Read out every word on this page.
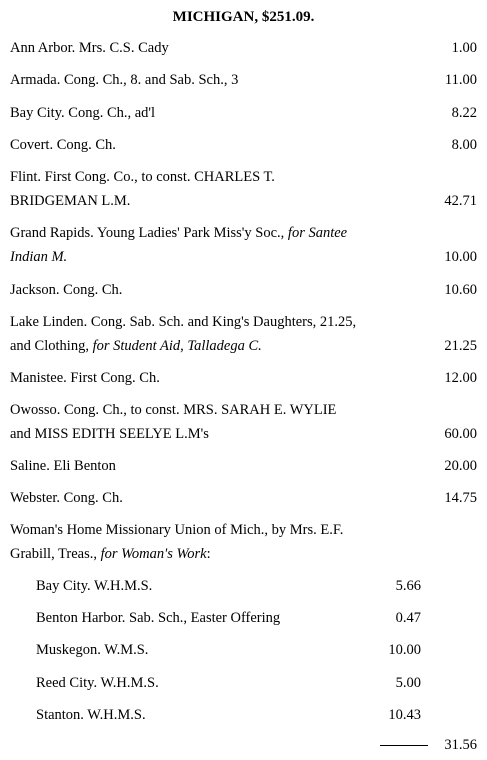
MICHIGAN, $251.09.
Ann Arbor. Mrs. C.S. Cady	1.00
Armada. Cong. Ch., 8. and Sab. Sch., 3	11.00
Bay City. Cong. Ch., ad'l	8.22
Covert. Cong. Ch.	8.00
Flint. First Cong. Co., to const. CHARLES T.
BRIDGEMAN L.M.	42.71
Grand Rapids. Young Ladies' Park Miss'y Soc., for Santee
Indian M.	10.00
Jackson. Cong. Ch.	10.60
Lake Linden. Cong. Sab. Sch. and King's Daughters, 21.25,
and Clothing, for Student Aid, Talladega C.	21.25
Manistee. First Cong. Ch.	12.00
Owosso. Cong. Ch., to const. MRS. SARAH E. WYLIE
and MISS EDITH SEELYE L.M's	60.00
Saline. Eli Benton	20.00
Webster. Cong. Ch.	14.75
Woman's Home Missionary Union of Mich., by Mrs. E.F.
Grabill, Treas., for Woman's Work:
Bay City. W.H.M.S.	5.66
Benton Harbor. Sab. Sch., Easter Offering	0.47
Muskegon. W.M.S.	10.00
Reed City. W.H.M.S.	5.00
Stanton. W.H.M.S.	10.43
31.56
